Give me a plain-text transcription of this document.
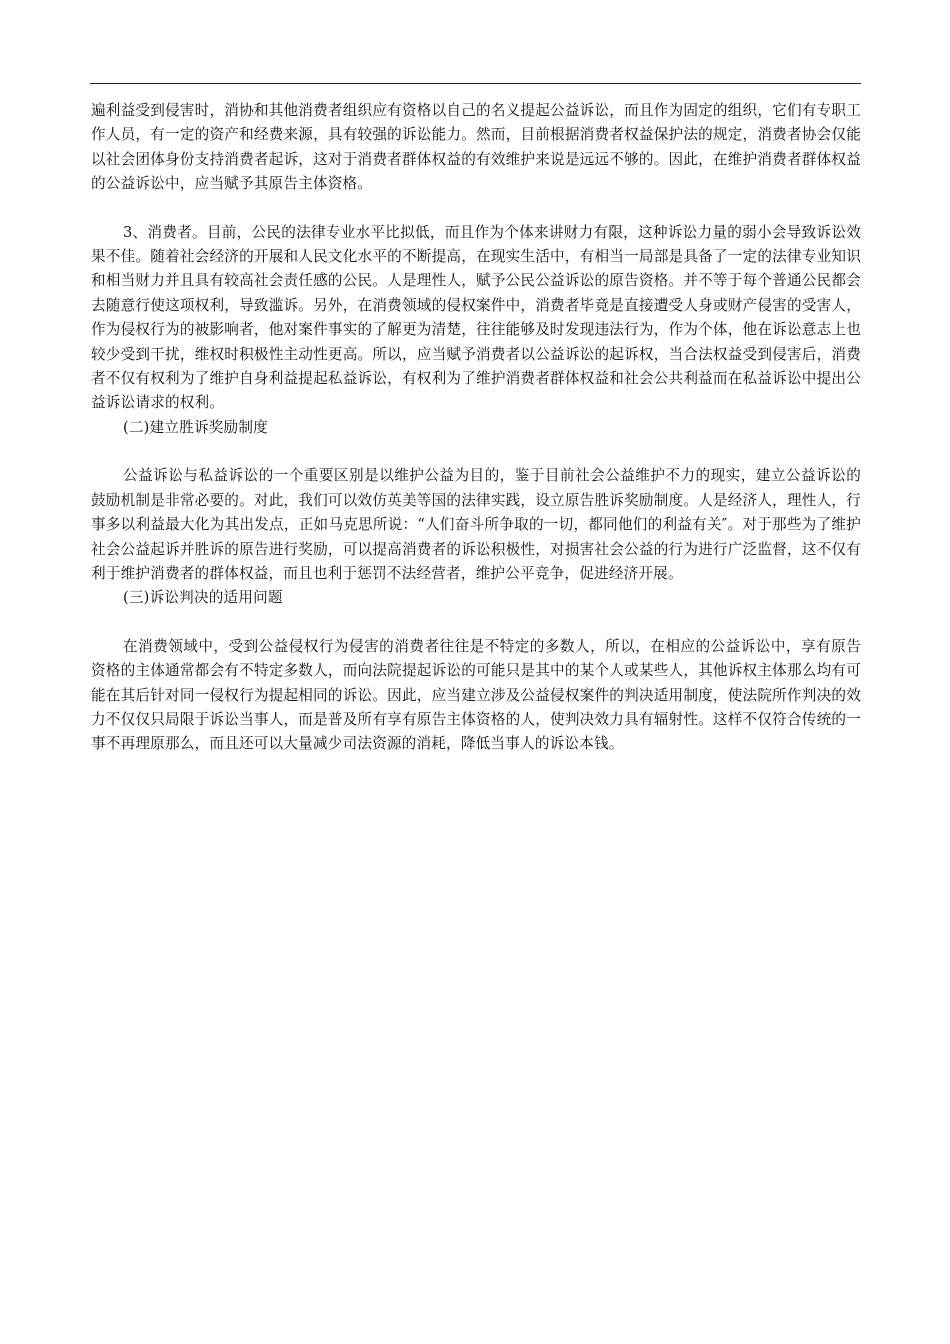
遍利益受到侵害时，消协和其他消费者组织应有资格以自己的名义提起公益诉讼，而且作为固定的组织，它们有专职工作人员，有一定的资产和经费来源，具有较强的诉讼能力。然而，目前根据消费者权益保护法的规定，消费者协会仅能以社会团体身份支持消费者起诉，这对于消费者群体权益的有效维护来说是远远不够的。因此，在维护消费者群体权益的公益诉讼中，应当赋予其原告主体资格。

3、消费者。目前，公民的法律专业水平比拟低，而且作为个体来讲财力有限，这种诉讼力量的弱小会导致诉讼效果不佳。随着社会经济的开展和人民文化水平的不断提高，在现实生活中，有相当一局部是具备了一定的法律专业知识和相当财力并且具有较高社会责任感的公民。人是理性人，赋予公民公益诉讼的原告资格。并不等于每个普通公民都会去随意行使这项权利，导致滥诉。另外，在消费领域的侵权案件中，消费者毕竟是直接遭受人身或财产侵害的受害人，作为侵权行为的被影响者，他对案件事实的了解更为清楚，往往能够及时发现违法行为，作为个体，他在诉讼意志上也较少受到干扰，维权时积极性主动性更高。所以，应当赋予消费者以公益诉讼的起诉权，当合法权益受到侵害后，消费者不仅有权利为了维护自身利益提起私益诉讼，有权利为了维护消费者群体权益和社会公共利益而在私益诉讼中提出公益诉讼请求的权利。

(二)建立胜诉奖励制度

公益诉讼与私益诉讼的一个重要区别是以维护公益为目的，鉴于目前社会公益维护不力的现实，建立公益诉讼的鼓励机制是非常必要的。对此，我们可以效仿英美等国的法律实践，设立原告胜诉奖励制度。人是经济人，理性人，行事多以利益最大化为其出发点，正如马克思所说：“人们奋斗所争取的一切，都同他们的利益有关″。对于那些为了维护社会公益起诉并胜诉的原告进行奖励，可以提高消费者的诉讼积极性，对损害社会公益的行为进行广泛监督，这不仅有利于维护消费者的群体权益，而且也利于惩罚不法经营者，维护公平竞争，促进经济开展。

(三)诉讼判决的适用问题

在消费领域中，受到公益侵权行为侵害的消费者往往是不特定的多数人，所以，在相应的公益诉讼中，享有原告资格的主体通常都会有不特定多数人，而向法院提起诉讼的可能只是其中的某个人或某些人，其他诉权主体那么均有可能在其后针对同一侵权行为提起相同的诉讼。因此，应当建立涉及公益侵权案件的判决适用制度，使法院所作判决的效力不仅仅只局限于诉讼当事人，而是普及所有享有原告主体资格的人，使判决效力具有辐射性。这样不仅符合传统的一事不再理原那么，而且还可以大量减少司法资源的消耗，降低当事人的诉讼本钱。
